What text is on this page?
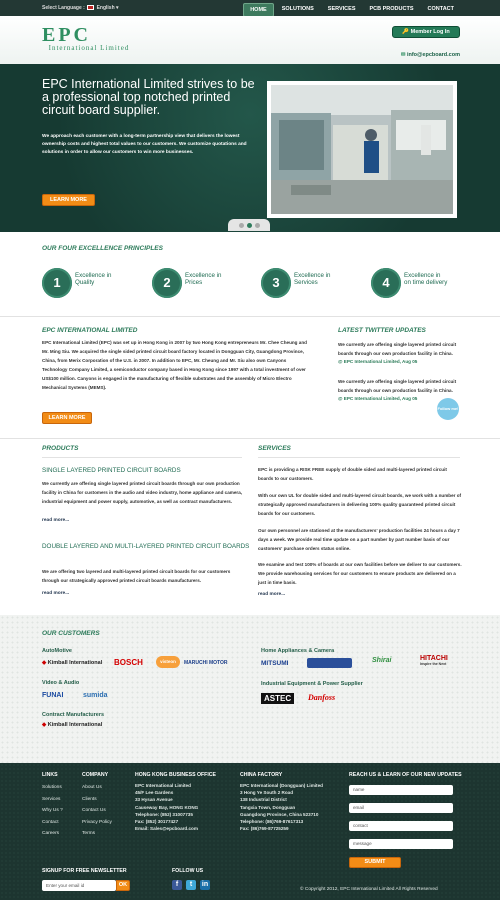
Select Language : English ▾	HOME	SOLUTIONS	SERVICES	PCB PRODUCTS	CONTACT
EPC
International Limited
🔑 Member Log In
✉ info@epcboard.com
EPC International Limited strives to be a professional top notched printed circuit board supplier.
We approach each customer with a long-term partnership view that delivers the lowest ownership costs and highest total values to our customers. We customize quotations and solutions in order to allow our customers to win more businesses.
LEARN MORE
OUR FOUR EXCELLENCE PRINCIPLES
1	Excellence in
Quality	2	Excellence in
Prices	3	Excellence in
Services	4	Excellence in
on time delivery
EPC INTERNATIONAL LIMITED
EPC International Limited (EPC) was set up in Hong Kong in 2007 by two Hong Kong entrepreneurs Mr. Chee Cheung and Mr. Ming Siu. We acquired the single sided printed circuit board factory located in Dongguan City, Guangdong Province, China, from Merix Corporation of the U.S. in 2007. In addition to EPC, Mr. Cheung and Mr. Siu also own Canyons Technology Company Limited, a semiconductor company based in Hong Kong since 1997 with a total investment of over US$100 million. Canyons is engaged in the manufacturing of flexible substrates and the assembly of Micro Electro Mechanical Systems (MEMS).
LEARN MORE
LATEST TWITTER UPDATES
We currently are offering single layered printed circuit boards through our own production facility in China.
@ EPC International Limited, Aug 05
We currently are offering single layered printed circuit boards through our own production facility in China.
@ EPC International Limited, Aug 05
Follow me!
PRODUCTS
SINGLE LAYERED PRINTED CIRCUIT BOARDS
We currently are offering single layered printed circuit boards through our own production facility in China for customers in the audio and video industry, home appliance and camera, industrial equipment and power supply, automotive, as well as contract manufacturers.
read more...
DOUBLE LAYERED AND MULTI-LAYERED PRINTED CIRCUIT BOARDS
We are offering two layered and multi-layered printed circuit boards for our customers through our strategically approved printed circuit boards manufacturers.
read more...
SERVICES
EPC is providing a RISK FREE supply of double sided and multi-layered printed circuit boards to our customers.
With our own UL for double sided and multi-layered circuit boards, we work with a number of strategically approved manufacturers in delivering 100% quality guaranteed printed circuit boards for our customers.
Our own personnel are stationed at the manufacturers' production facilities 24 hours a day 7 days a week. We provide real time update on a part number by part number basis of our customers' purchase orders status online.
We examine and test 100% of boards at our own facilities before we deliver to our customers. We provide warehousing services for our customers to ensure products are delivered on a just in time basis.
read more...
OUR CUSTOMERS
AutoMotive
◆ Kimball International BOSCH	visteon	MARUCHI MOTOR
Video & Audio
FUNAI	sumida
Contract Manufacturers
◆ Kimball International
Home Appliances & Camera
MITSUMI	Shirai	HITACHI
Inspire the Next
Industrial Equipment & Power Supplier
ASTEC	Danfoss
LINKS
Solutions
Services
Why Us ?
Contact
Careers
COMPANY
About Us
Clients
Contact Us
Privacy Policy
Terms
HONG KONG BUSINESS OFFICE
EPC International Limited
45/F Lee Gardens
33 Hysan Avenue
Causeway Bay, HONG KONG
Telephone: (852) 31007735
Fax: (852) 30177427
Email: Sales@epcboard.com
CHINA FACTORY
EPC International (Dongguan) Limited
3 Hong Ye South 2 Road
138 Industrial District
Tangxia Town, Dongguan
Guangdong Province, China 523710
Telephone: (86)769-87617313
Fax: (86)769-87725259
REACH US & LEARN OF OUR NEW UPDATES
name
email
contact
message
SUBMIT
SIGNUP FOR FREE NEWSLETTER
Enter your email id	OK
FOLLOW US
f	t	in
© Copyright 2012, EPC International Limited All Rights Reserved
